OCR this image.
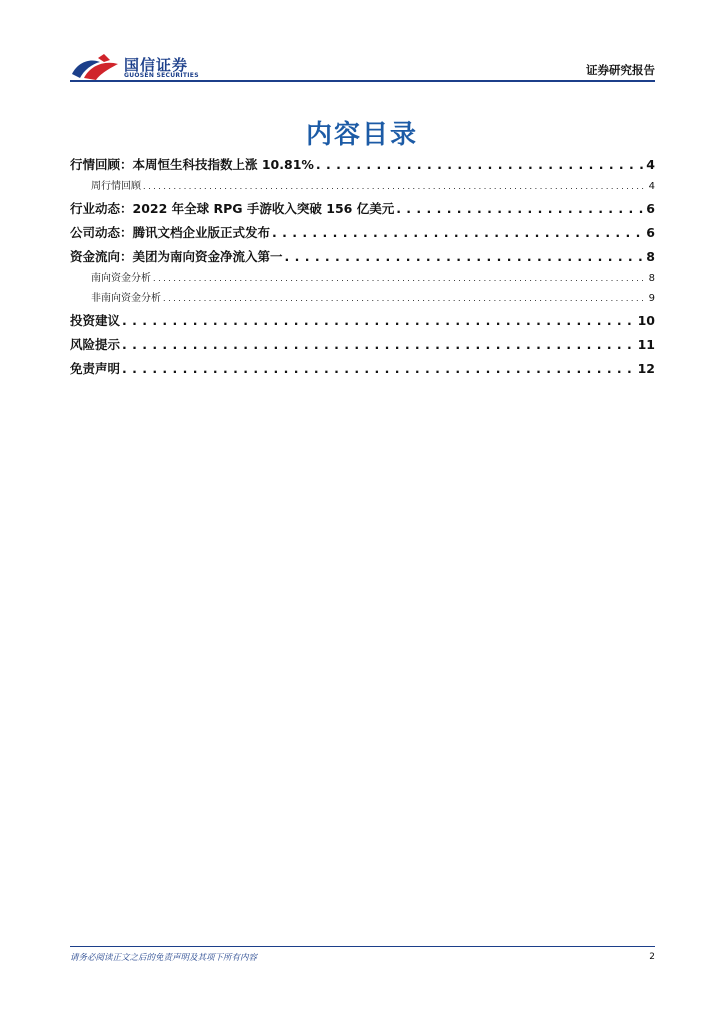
国信证券
GUOSEN SECURITIES	证券研究报告
内容目录
行情回顾：本周恒生科技指数上涨 10.81% . . .	4
周行情回顾 . . .	4
行业动态：2022 年全球 RPG 手游收入突破 156 亿美元 . . .	6
公司动态：腾讯文档企业版正式发布 . . .	6
资金流向：美团为南向资金净流入第一 . . .	8
南向资金分析 . . .	8
非南向资金分析 . . .	9
投资建议 . . .	10
风险提示 . . .	11
免责声明 . . .	12
请务必阅读正文之后的免责声明及其项下所有内容	2
